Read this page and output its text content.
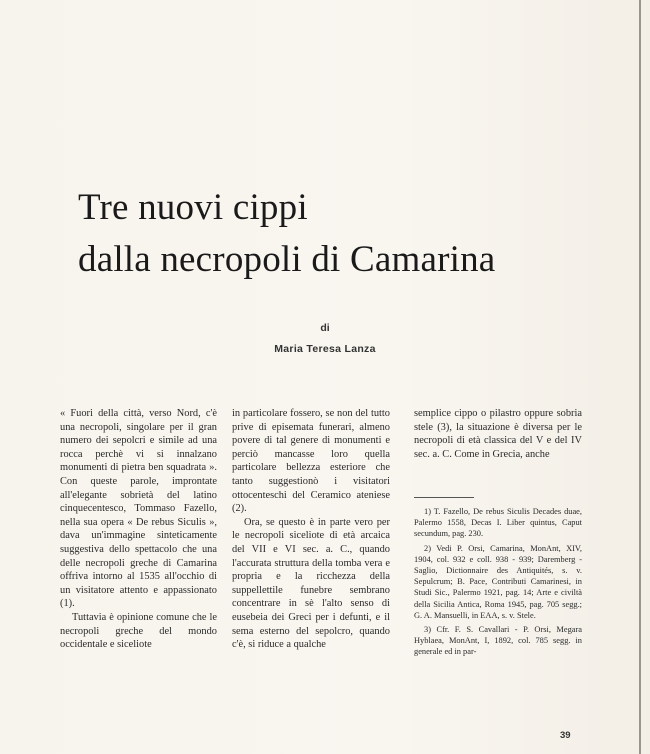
Tre nuovi cippi
dalla necropoli di Camarina
di
Maria Teresa Lanza

« Fuori della città, verso Nord, c'è una necropoli, singolare per il gran numero dei sepolcri e simile ad una rocca perchè vi si innalzano monumenti di pietra ben squadrata ». Con queste parole, improntate all'elegante sobrietà del latino cinquecentesco, Tommaso Fazello, nella sua opera « De rebus Siculis », dava un'immagine sinteticamente suggestiva dello spettacolo che una delle necropoli greche di Camarina offriva intorno al 1535 all'occhio di un visitatore attento e appassionato (1).

Tuttavia è opinione comune che le necropoli greche del mondo occidentale e siceliote

in particolare fossero, se non del tutto prive di episemata funerari, almeno povere di tal genere di monumenti e perciò mancasse loro quella particolare bellezza esteriore che tanto suggestionò i visitatori ottocenteschi del Ceramico ateniese (2).

Ora, se questo è in parte vero per le necropoli siceliote di età arcaica del VII e VI sec. a. C., quando l'accurata struttura della tomba vera e propria e la ricchezza della suppellettile funebre sembrano concentrare in sè l'alto senso di eusebeia dei Greci per i defunti, e il sema esterno del sepolcro, quando c'è, si riduce a qualche

semplice cippo o pilastro oppure sobria stele (3), la situazione è diversa per le necropoli di età classica del V e del IV sec. a. C. Come in Grecia, anche

1) T. Fazello, De rebus Siculis Decades duae, Palermo 1558, Decas I. Liber quintus, Caput secundum, pag. 230.

2) Vedi P. Orsi, Camarina, MonAnt, XIV, 1904, col. 932 e coll. 938 - 939; Daremberg - Saglio, Dictionnaire des Antiquités, s. v. Sepulcrum; B. Pace, Contributi Camarinesi, in Studi Sic., Palermo 1921, pag. 14; Arte e civiltà della Sicilia Antica, Roma 1945, pag. 705 segg.; G. A. Mansuelli, in EAA, s. v. Stele.

3) Cfr. F. S. Cavallari - P. Orsi, Megara Hyblaea, MonAnt, I, 1892, col. 785 segg. in generale ed in par-

39
